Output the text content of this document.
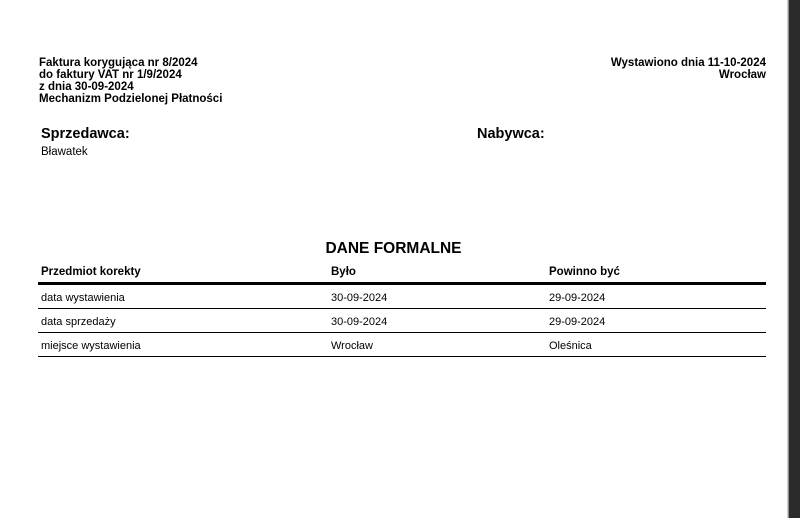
Faktura korygująca nr 8/2024
do faktury VAT nr 1/9/2024
z dnia 30-09-2024
Mechanizm Podzielonej Płatności
Wystawiono dnia 11-10-2024
Wrocław
Sprzedawca:
Bławatek
Nabywca:
DANE FORMALNE
Przedmiot korekty	Było	Powinno być
data wystawienia	30-09-2024	29-09-2024
data sprzedaży	30-09-2024	29-09-2024
miejsce wystawienia	Wrocław	Oleśnica
